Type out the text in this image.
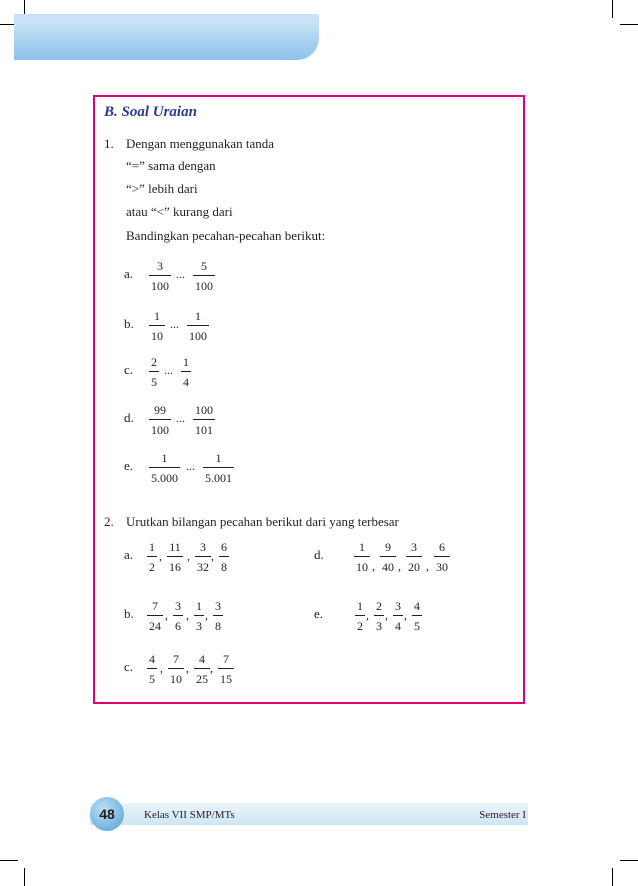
B. Soal Uraian
1. Dengan menggunakan tanda
“=” sama dengan
“>” lebih dari
atau “<” kurang dari
Bandingkan pecahan-pecahan berikut:
a. $\frac{3}{100}$ ... $\frac{5}{100}$
b. $\frac{1}{10}$ ... $\frac{1}{100}$
c. $\frac{2}{5}$ ... $\frac{1}{4}$
d. $\frac{99}{100}$ ... $\frac{100}{101}$
e. $\frac{1}{5.000}$ ... $\frac{1}{5.001}$
2. Urutkan bilangan pecahan berikut dari yang terbesar
a. $\frac{1}{2}$ , $\frac{11}{16}$ , $\frac{3}{32}$ , $\frac{6}{8}$
b. $\frac{7}{24}$ , $\frac{3}{6}$ , $\frac{1}{3}$ , $\frac{3}{8}$
c. $\frac{4}{5}$ , $\frac{7}{10}$ , $\frac{4}{25}$ , $\frac{7}{15}$
d.	$\frac{1}{10}$ , $\frac{9}{40}$ , $\frac{3}{20}$ , $\frac{6}{30}$
e.	$\frac{1}{2}$ , $\frac{2}{3}$ , $\frac{3}{4}$ , $\frac{4}{5}$
48	Kelas VII SMP/MTs	Semester I
